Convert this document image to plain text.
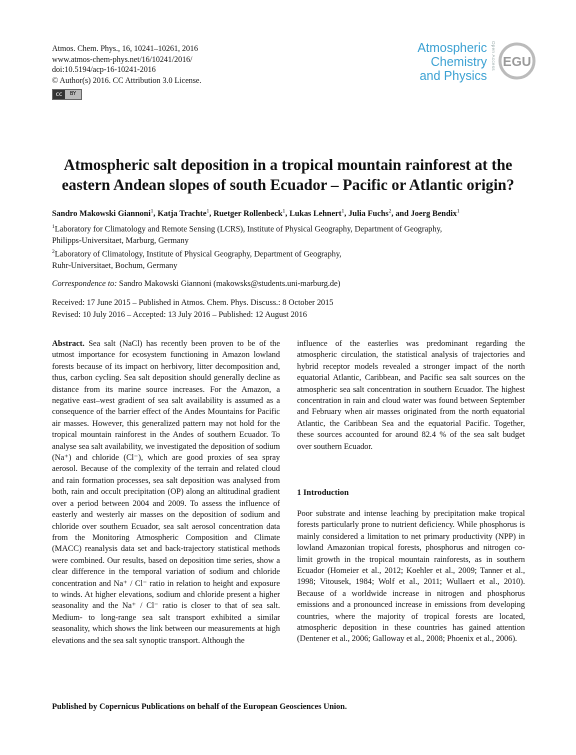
Atmos. Chem. Phys., 16, 10241–10261, 2016
www.atmos-chem-phys.net/16/10241/2016/
doi:10.5194/acp-16-10241-2016
© Author(s) 2016. CC Attribution 3.0 License.
cc	BY
Atmospheric
Chemistry
and Physics
Open Access EGU
Atmospheric salt deposition in a tropical mountain rainforest at the
eastern Andean slopes of south Ecuador – Pacific or Atlantic origin?
Sandro Makowski Giannoni$^1$, Katja Trachte$^1$, Ruetger Rollenbeck$^1$, Lukas Lehnert$^1$, Julia Fuchs$^2$, and Joerg Bendix$^1$
$^1$Laboratory for Climatology and Remote Sensing (LCRS), Institute of Physical Geography, Department of Geography,
Philipps-Universitaet, Marburg, Germany
$^2$Laboratory of Climatology, Institute of Physical Geography, Department of Geography,
Ruhr-Universitaet, Bochum, Germany
Correspondence to: Sandro Makowski Giannoni (makowsks@students.uni-marburg.de)
Received: 17 June 2015 – Published in Atmos. Chem. Phys. Discuss.: 8 October 2015
Revised: 10 July 2016 – Accepted: 13 July 2016 – Published: 12 August 2016
Abstract. Sea salt (NaCl) has recently been proven to be of the utmost importance for ecosystem functioning in Amazon lowland forests because of its impact on herbivory, litter decomposition and, thus, carbon cycling. Sea salt deposition should generally decline as distance from its marine source increases. For the Amazon, a negative east–west gradient of sea salt availability is assumed as a consequence of the barrier effect of the Andes Mountains for Pacific air masses. However, this generalized pattern may not hold for the tropical mountain rainforest in the Andes of southern Ecuador. To analyse sea salt availability, we investigated the deposition of sodium (Na⁺) and chloride (Cl⁻), which are good proxies of sea spray aerosol. Because of the complexity of the terrain and related cloud and rain formation processes, sea salt deposition was analysed from both, rain and occult precipitation (OP) along an altitudinal gradient over a period between 2004 and 2009. To assess the influence of easterly and westerly air masses on the deposition of sodium and chloride over southern Ecuador, sea salt aerosol concentration data from the Monitoring Atmospheric Composition and Climate (MACC) reanalysis data set and back-trajectory statistical methods were combined. Our results, based on deposition time series, show a clear difference in the temporal variation of sodium and chloride concentration and Na⁺ / Cl⁻ ratio in relation to height and exposure to winds. At higher elevations, sodium and chloride present a higher seasonality and the Na⁺ / Cl⁻ ratio is closer to that of sea salt. Medium- to long-range sea salt transport exhibited a similar seasonality, which shows the link between our measurements at high elevations and the sea salt synoptic transport. Although the
influence of the easterlies was predominant regarding the atmospheric circulation, the statistical analysis of trajectories and hybrid receptor models revealed a stronger impact of the north equatorial Atlantic, Caribbean, and Pacific sea salt sources on the atmospheric sea salt concentration in southern Ecuador. The highest concentration in rain and cloud water was found between September and February when air masses originated from the north equatorial Atlantic, the Caribbean Sea and the equatorial Pacific. Together, these sources accounted for around 82.4 % of the sea salt budget over southern Ecuador.
1 Introduction
Poor substrate and intense leaching by precipitation make tropical forests particularly prone to nutrient deficiency. While phosphorus is mainly considered a limitation to net primary productivity (NPP) in lowland Amazonian tropical forests, phosphorus and nitrogen co-limit growth in the tropical mountain rainforests, as in southern Ecuador (Homeier et al., 2012; Koehler et al., 2009; Tanner et al., 1998; Vitousek, 1984; Wolf et al., 2011; Wullaert et al., 2010). Because of a worldwide increase in nitrogen and phosphorus emissions and a pronounced increase in emissions from developing countries, where the majority of tropical forests are located, atmospheric deposition in these countries has gained attention (Dentener et al., 2006; Galloway et al., 2008; Phoenix et al., 2006).
Published by Copernicus Publications on behalf of the European Geosciences Union.
